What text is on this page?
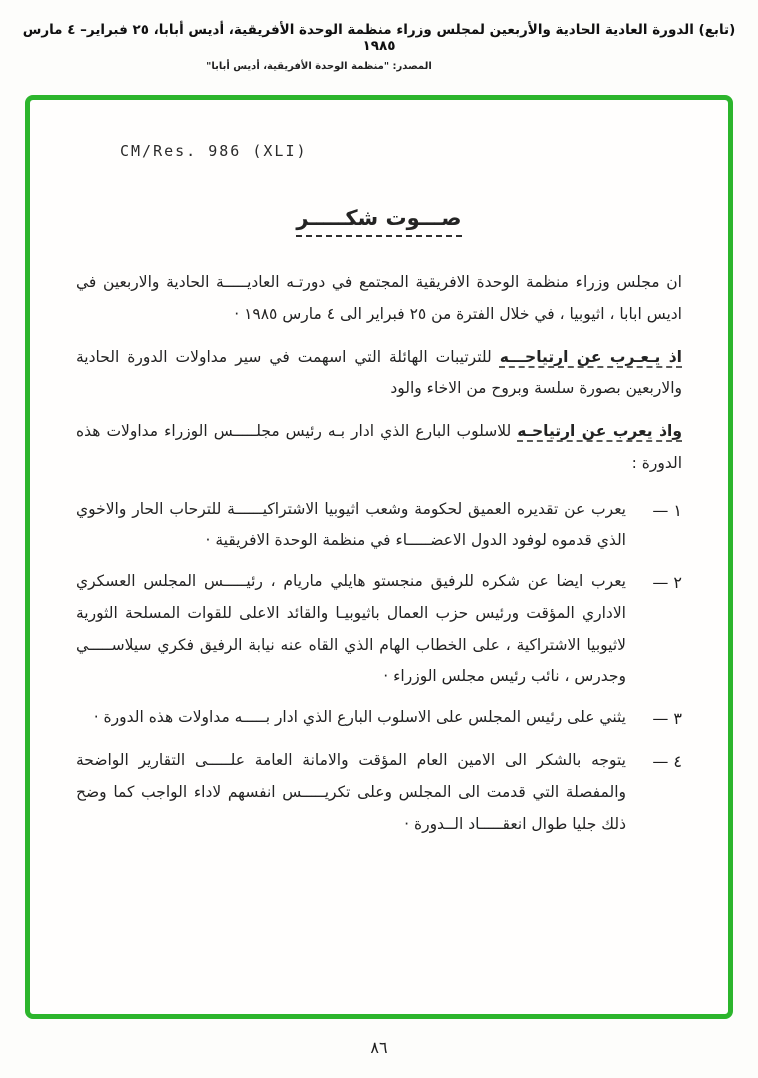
(تابع) الدورة العادية الحادية والأربعين لمجلس وزراء منظمة الوحدة الأفريقية، أديس أبابا، ٢٥ فبراير– ٤ مارس ١٩٨٥
المصدر: "منظمة الوحدة الأفريقية، أديس أبابا"
CM/Res. 986 (XLI)
صـــوت شكـــــر

ان مجلس وزراء منظمة الوحدة الافريقية المجتمع في دورتـه العاديـــــة الحادية والاربعين في اديس ابابا ، اثيوبيا ، في خلال الفترة من ٢٥ فبراير الى ٤ مارس ١٩٨٥ ·

اذ يـعـرب عن ارتياحـــه للترتيبات الهائلة التي اسهمت في سير مداولات الدورة الحادية والاربعين بصورة سلسة وبروح من الاخاء والود

واذ يعرب عن ارتياحـه للاسلوب البارع الذي ادار بـه رئيس مجلـــــس الوزراء مداولات هذه الدورة :

١ —
يعرب عن تقديره العميق لحكومة وشعب اثيوبيا الاشتراكيــــــة للترحاب الحار والاخوي الذي قدموه لوفود الدول الاعضـــــاء في منظمة الوحدة الافريقية ·
٢ —
يعرب ايضا عن شكره للرفيق منجستو هايلي ماريام ، رئيـــــس المجلس العسكري الاداري المؤقت ورئيس حزب العمال باثيوبيـا والقائد الاعلى للقوات المسلحة الثورية لاثيوبيا الاشتراكية ، على الخطاب الهام الذي القاه عنه نيابة الرفيق فكري سيلاســـــي وجدرس ، نائب رئيس مجلس الوزراء ·
٣ —
يثني على رئيس المجلس على الاسلوب البارع الذي ادار بـــــه مداولات هذه الدورة ·
٤ —
يتوجه بالشكر الى الامين العام المؤقت والامانة العامة علـــــى التقارير الواضحة والمفصلة التي قدمت الى المجلس وعلى تكريـــــس انفسهم لاداء الواجب كما وضح ذلك جليا طوال انعقـــــاد الــدورة ·
٨٦
